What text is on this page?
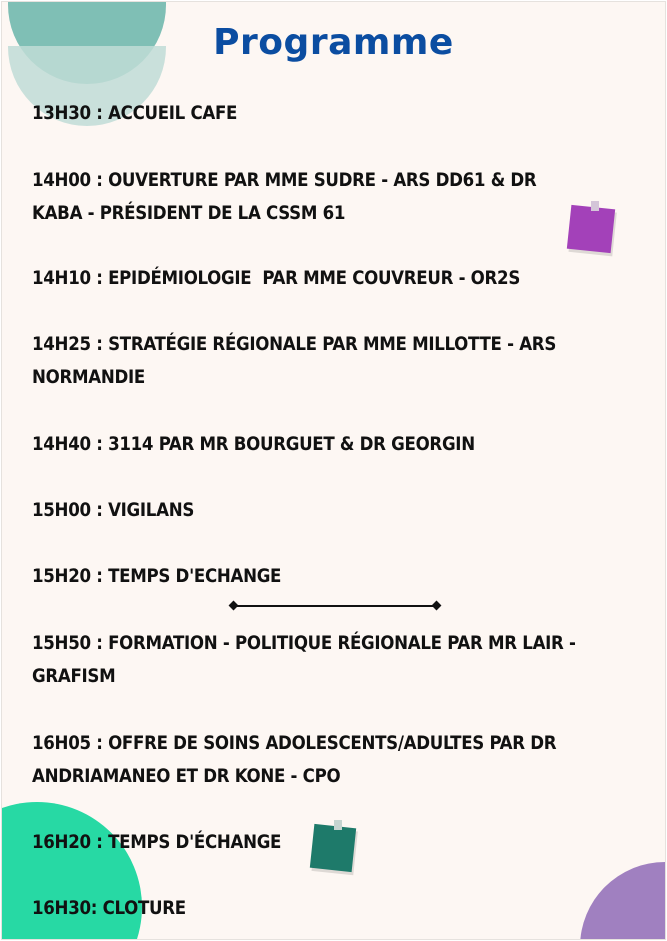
Programme

13H30 : ACCUEIL CAFE

14H00 : OUVERTURE PAR MME SUDRE - ARS DD61 & DR KABA - PRÉSIDENT DE LA CSSM 61

14H10 : EPIDÉMIOLOGIE  PAR MME COUVREUR - OR2S

14H25 : STRATÉGIE RÉGIONALE PAR MME MILLOTTE - ARS NORMANDIE

14H40 : 3114 PAR MR BOURGUET & DR GEORGIN

15H00 : VIGILANS

15H20 : TEMPS D'ECHANGE

15H50 : FORMATION - POLITIQUE RÉGIONALE PAR MR LAIR - GRAFISM

16H05 : OFFRE DE SOINS ADOLESCENTS/ADULTES PAR DR ANDRIAMANEO ET DR KONE - CPO

16H20 : TEMPS D'ÉCHANGE

16H30: CLOTURE
